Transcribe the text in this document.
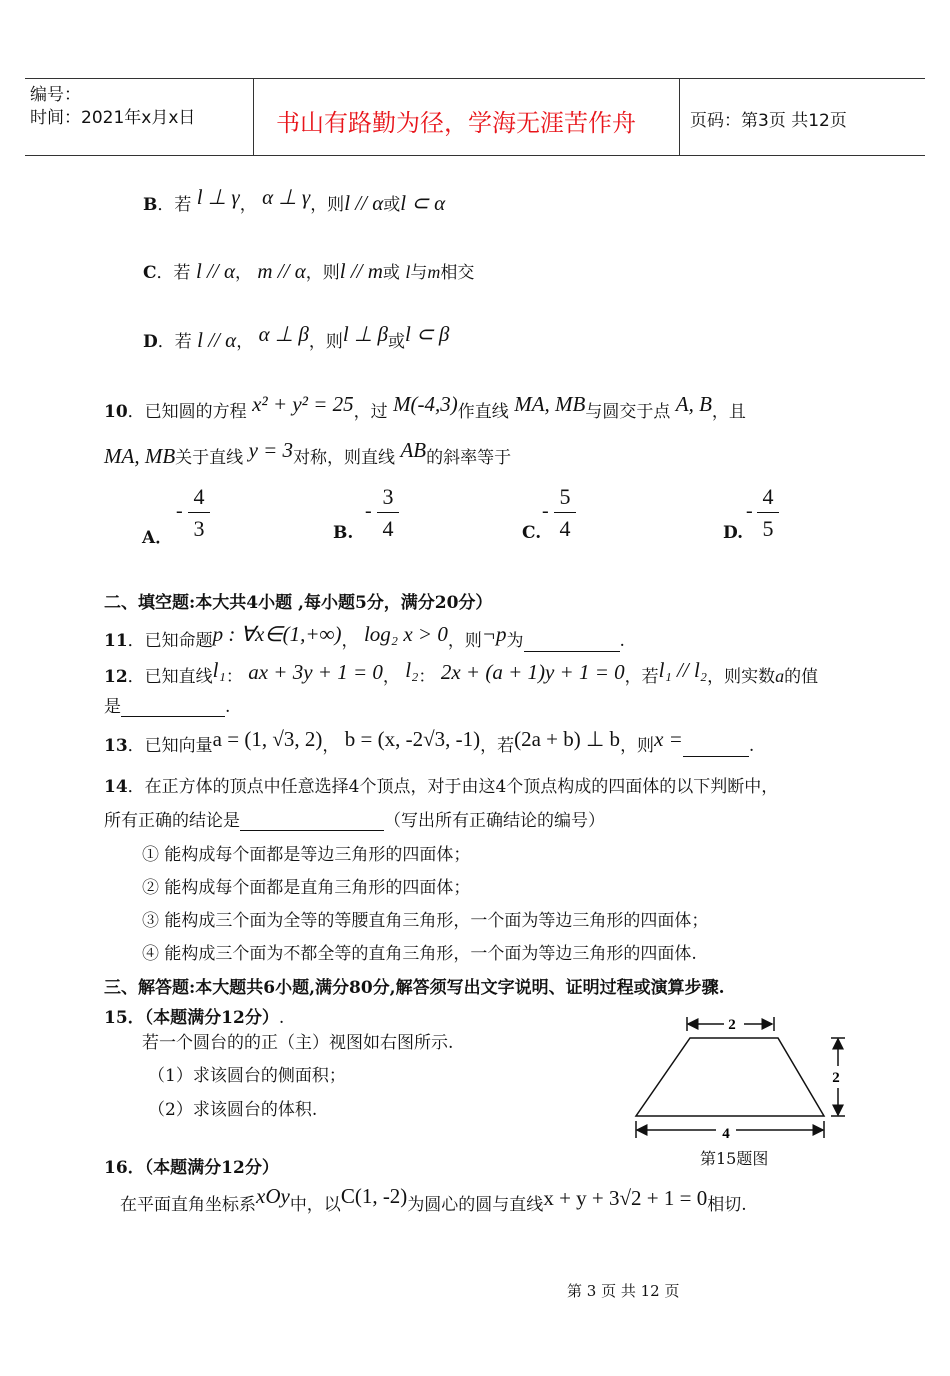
编号：
时间：2021年x月x日	书山有路勤为径，学海无涯苦作舟	页码：第3页 共12页
B．若 l ⊥ γ， α ⊥ γ，则l // α或l ⊂ α
C．若 l // α， m // α，则l // m或 l与m相交
D．若 l // α， α ⊥ β，则l ⊥ β或l ⊂ β
10．已知圆的方程 x² + y² = 25，过 M(-4,3)作直线 MA, MB与圆交于点 A, B，且
MA, MB关于直线 y = 3对称，则直线 AB的斜率等于
A．
-
4
3	B.
-
3
4	C.
-
5
4	D.
-
4
5
二、填空题:本大共4小题 ,每小题5分，满分20分）
11．已知命题p : ∀x∈(1,+∞)， log₂ x > 0，则¬p为	.
12．已知直线l₁： ax + 3y + 1 = 0， l₂： 2x + (a + 1)y + 1 = 0，若l₁ // l₂，则实数a的值
是	.
13．已知向量a = (1, √3, 2)， b = (x, -2√3, -1)，若(2a + b) ⊥ b，则x =	.
14．在正方体的顶点中任意选择4个顶点，对于由这4个顶点构成的四面体的以下判断中，
所有正确的结论是	（写出所有正确结论的编号）
① 能构成每个面都是等边三角形的四面体；
② 能构成每个面都是直角三角形的四面体；
③ 能构成三个面为全等的等腰直角三角形，一个面为等边三角形的四面体；
④ 能构成三个面为不都全等的直角三角形，一个面为等边三角形的四面体.
三、解答题:本大题共6小题,满分80分,解答须写出文字说明、证明过程或演算步骤.
15．（本题满分12分）.
若一个圆台的的正（主）视图如右图所示.
（1）求该圆台的侧面积；
（2）求该圆台的体积.
2
2
4
第15题图
16．（本题满分12分）
在平面直角坐标系xOy中，以C(1, -2)为圆心的圆与直线x + y + 3√2 + 1 = 0相切.
第 3 页 共 12 页
